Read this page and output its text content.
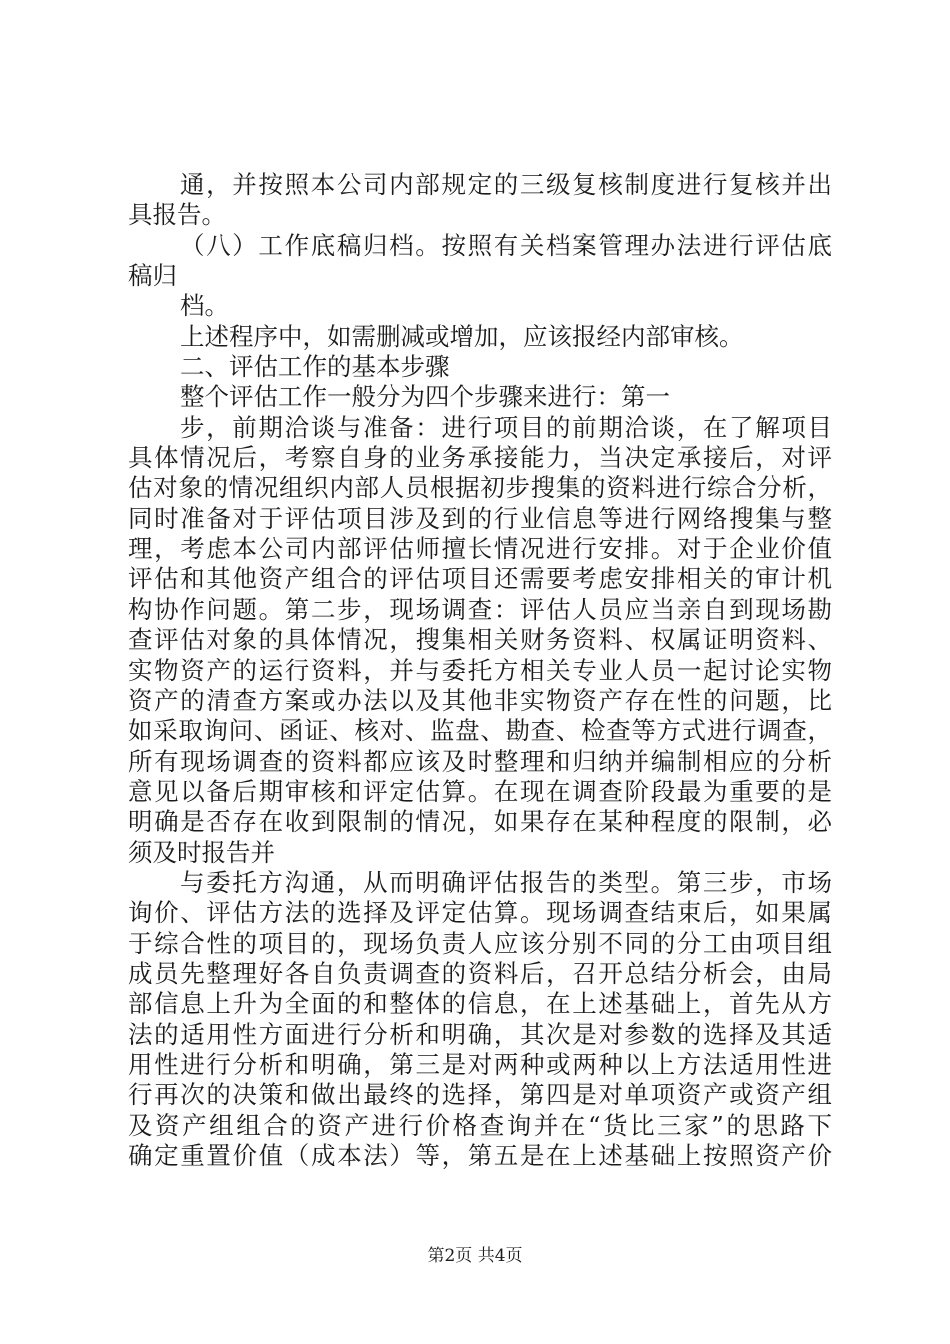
通，并按照本公司内部规定的三级复核制度进行复核并出
具报告。
（八）工作底稿归档。按照有关档案管理办法进行评估底
稿归
档。
上述程序中，如需删减或增加，应该报经内部审核。
二、评估工作的基本步骤
整个评估工作一般分为四个步骤来进行：第一
步，前期洽谈与准备：进行项目的前期洽谈，在了解项目
具体情况后，考察自身的业务承接能力，当决定承接后，对评
估对象的情况组织内部人员根据初步搜集的资料进行综合分析，
同时准备对于评估项目涉及到的行业信息等进行网络搜集与整
理，考虑本公司内部评估师擅长情况进行安排。对于企业价值
评估和其他资产组合的评估项目还需要考虑安排相关的审计机
构协作问题。第二步，现场调查：评估人员应当亲自到现场勘
查评估对象的具体情况，搜集相关财务资料、权属证明资料、
实物资产的运行资料，并与委托方相关专业人员一起讨论实物
资产的清查方案或办法以及其他非实物资产存在性的问题，比
如采取询问、函证、核对、监盘、勘查、检查等方式进行调查，
所有现场调查的资料都应该及时整理和归纳并编制相应的分析
意见以备后期审核和评定估算。在现在调查阶段最为重要的是
明确是否存在收到限制的情况，如果存在某种程度的限制，必
须及时报告并
与委托方沟通，从而明确评估报告的类型。第三步，市场
询价、评估方法的选择及评定估算。现场调查结束后，如果属
于综合性的项目的，现场负责人应该分别不同的分工由项目组
成员先整理好各自负责调查的资料后，召开总结分析会，由局
部信息上升为全面的和整体的信息，在上述基础上，首先从方
法的适用性方面进行分析和明确，其次是对参数的选择及其适
用性进行分析和明确，第三是对两种或两种以上方法适用性进
行再次的决策和做出最终的选择，第四是对单项资产或资产组
及资产组组合的资产进行价格查询并在“货比三家”的思路下
确定重置价值（成本法）等，第五是在上述基础上按照资产价
第2页 共4页
